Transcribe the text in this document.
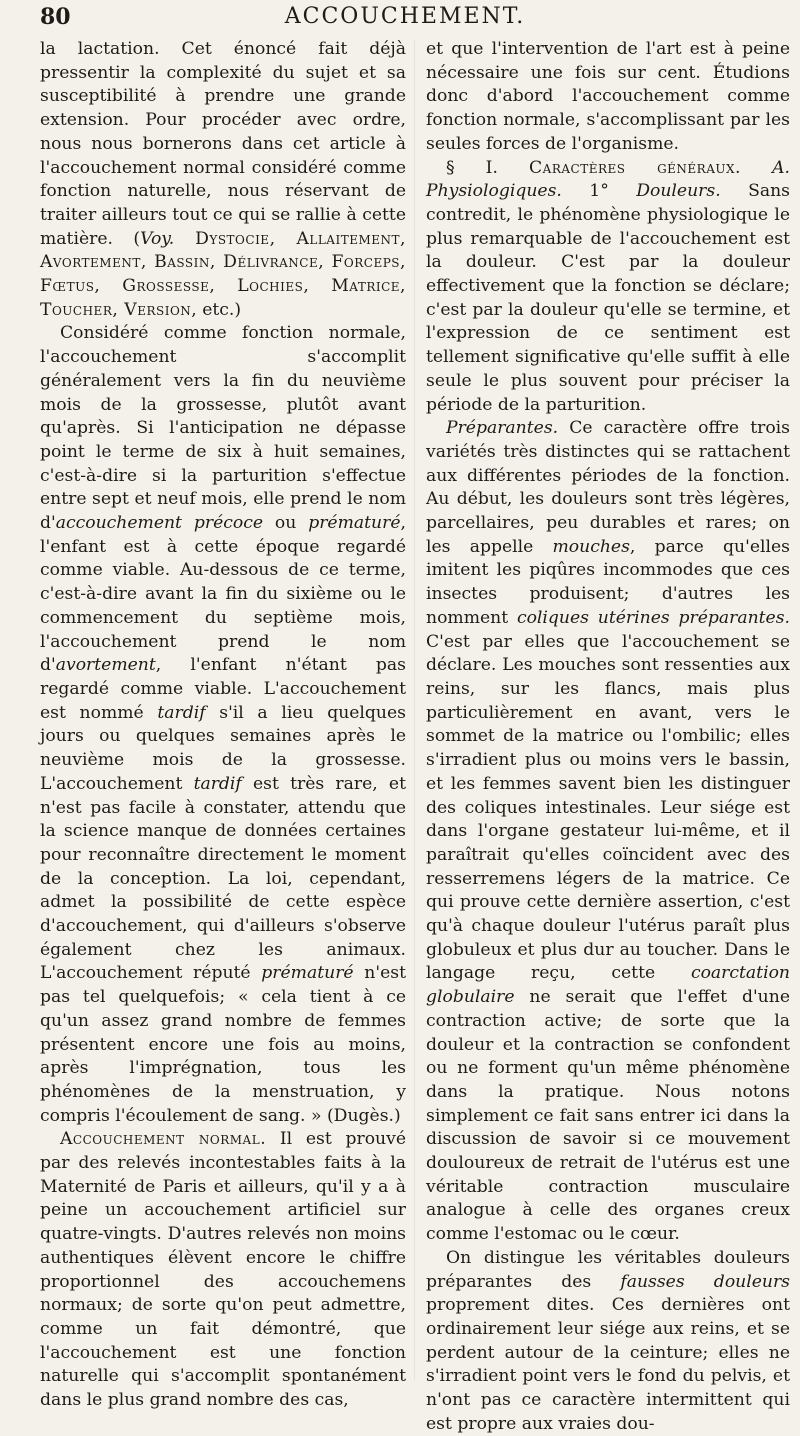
80	ACCOUCHEMENT.

la lactation. Cet énoncé fait déjà pressentir la complexité du sujet et sa susceptibilité à prendre une grande extension. Pour procéder avec ordre, nous nous bornerons dans cet article à l'accouchement normal considéré comme fonction naturelle, nous réservant de traiter ailleurs tout ce qui se rallie à cette matière. (Voy. Dystocie, Allaitement, Avortement, Bassin, Délivrance, Forceps, Fœtus, Grossesse, Lochies, Matrice, Toucher, Version, etc.)

Considéré comme fonction normale, l'accouchement s'accomplit généralement vers la fin du neuvième mois de la grossesse, plutôt avant qu'après. Si l'anticipation ne dépasse point le terme de six à huit semaines, c'est-à-dire si la parturition s'effectue entre sept et neuf mois, elle prend le nom d'accouchement précoce ou prématuré, l'enfant est à cette époque regardé comme viable. Au-dessous de ce terme, c'est-à-dire avant la fin du sixième ou le commencement du septième mois, l'accouchement prend le nom d'avortement, l'enfant n'étant pas regardé comme viable. L'accouchement est nommé tardif s'il a lieu quelques jours ou quelques semaines après le neuvième mois de la grossesse. L'accouchement tardif est très rare, et n'est pas facile à constater, attendu que la science manque de données certaines pour reconnaître directement le moment de la conception. La loi, cependant, admet la possibilité de cette espèce d'accouchement, qui d'ailleurs s'observe également chez les animaux. L'accouchement réputé prématuré n'est pas tel quelquefois; « cela tient à ce qu'un assez grand nombre de femmes présentent encore une fois au moins, après l'imprégnation, tous les phénomènes de la menstruation, y compris l'écoulement de sang. » (Dugès.)

Accouchement normal. Il est prouvé par des relevés incontestables faits à la Maternité de Paris et ailleurs, qu'il y a à peine un accouchement artificiel sur quatre-vingts. D'autres relevés non moins authentiques élèvent encore le chiffre proportionnel des accouchemens normaux; de sorte qu'on peut admettre, comme un fait démontré, que l'accouchement est une fonction naturelle qui s'accomplit spontanément dans le plus grand nombre des cas,

et que l'intervention de l'art est à peine nécessaire une fois sur cent. Étudions donc d'abord l'accouchement comme fonction normale, s'accomplissant par les seules forces de l'organisme.

§ I. Caractères généraux. A. Physiologiques. 1° Douleurs. Sans contredit, le phénomène physiologique le plus remarquable de l'accouchement est la douleur. C'est par la douleur effectivement que la fonction se déclare; c'est par la douleur qu'elle se termine, et l'expression de ce sentiment est tellement significative qu'elle suffit à elle seule le plus souvent pour préciser la période de la parturition.

Préparantes. Ce caractère offre trois variétés très distinctes qui se rattachent aux différentes périodes de la fonction. Au début, les douleurs sont très légères, parcellaires, peu durables et rares; on les appelle mouches, parce qu'elles imitent les piqûres incommodes que ces insectes produisent; d'autres les nomment coliques utérines préparantes. C'est par elles que l'accouchement se déclare. Les mouches sont ressenties aux reins, sur les flancs, mais plus particulièrement en avant, vers le sommet de la matrice ou l'ombilic; elles s'irradient plus ou moins vers le bassin, et les femmes savent bien les distinguer des coliques intestinales. Leur siége est dans l'organe gestateur lui-même, et il paraîtrait qu'elles coïncident avec des resserremens légers de la matrice. Ce qui prouve cette dernière assertion, c'est qu'à chaque douleur l'utérus paraît plus globuleux et plus dur au toucher. Dans le langage reçu, cette coarctation globulaire ne serait que l'effet d'une contraction active; de sorte que la douleur et la contraction se confondent ou ne forment qu'un même phénomène dans la pratique. Nous notons simplement ce fait sans entrer ici dans la discussion de savoir si ce mouvement douloureux de retrait de l'utérus est une véritable contraction musculaire analogue à celle des organes creux comme l'estomac ou le cœur.

On distingue les véritables douleurs préparantes des fausses douleurs proprement dites. Ces dernières ont ordinairement leur siége aux reins, et se perdent autour de la ceinture; elles ne s'irradient point vers le fond du pelvis, et n'ont pas ce caractère intermittent qui est propre aux vraies dou-
